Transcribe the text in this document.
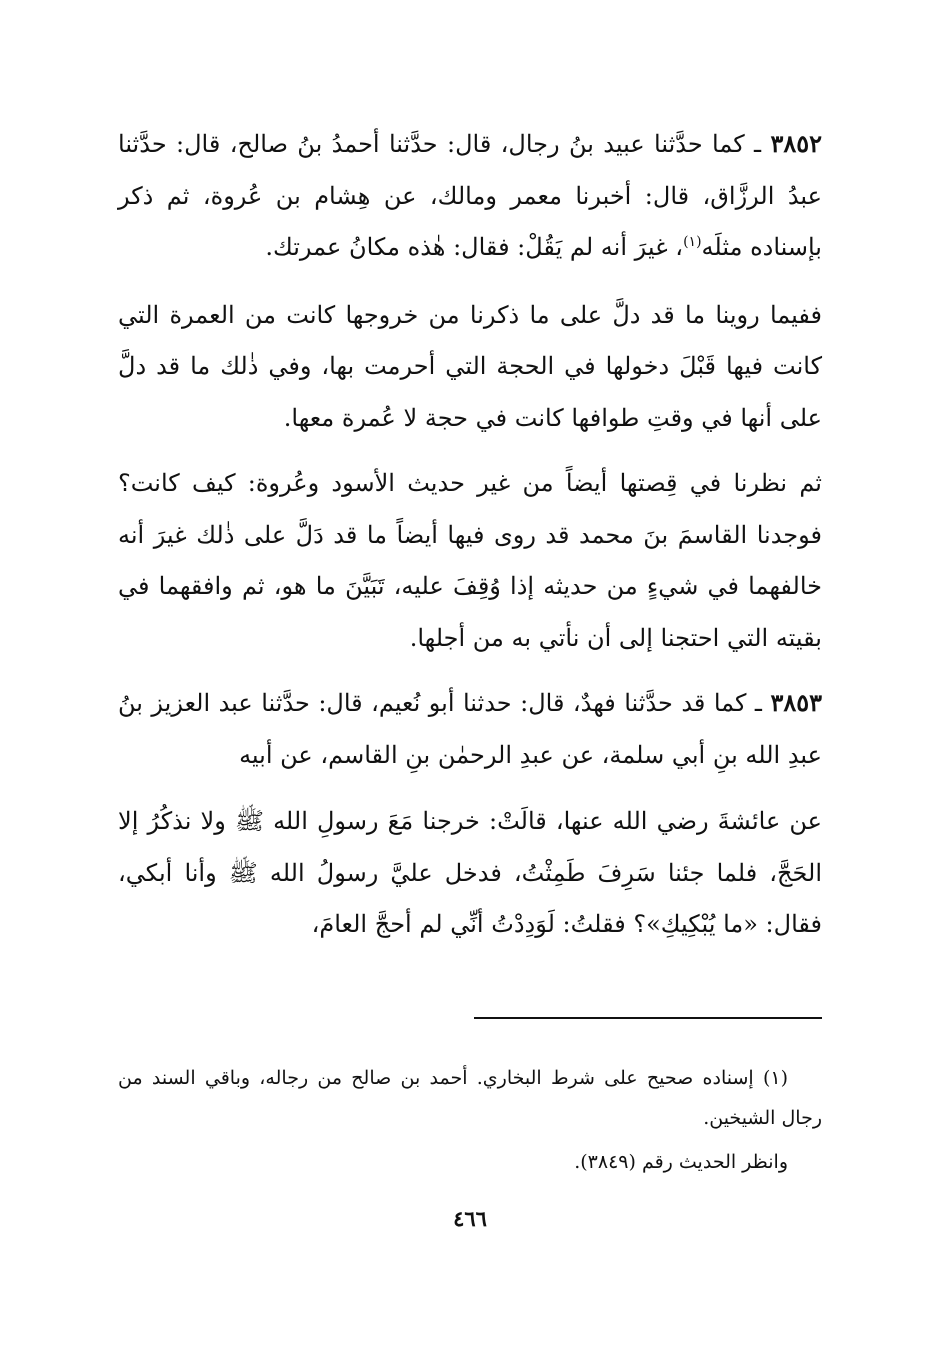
٣٨٥٢ ـ كما حدَّثنا عبيد بنُ رجال، قال: حدَّثنا أحمدُ بنُ صالح، قال: حدَّثنا عبدُ الرزَّاق، قال: أخبرنا معمر ومالك، عن هِشام بن عُروة، ثم ذكر بإسناده مثلَه$^{(١)}$، غيرَ أنه لم يَقُلْ: فقال: هٰذه مكانُ عمرتك.

ففيما روينا ما قد دلَّ على ما ذكرنا من خروجها كانت من العمرة التي كانت فيها قَبْلَ دخولها في الحجة التي أحرمت بها، وفي ذٰلك ما قد دلَّ على أنها في وقتِ طوافها كانت في حجة لا عُمرة معها.

ثم نظرنا في قِصتها أيضاً من غير حديث الأسود وعُروة: كيف كانت؟ فوجدنا القاسمَ بنَ محمد قد روى فيها أيضاً ما قد دَلَّ على ذٰلك غيرَ أنه خالفهما في شيءٍ من حديثه إذا وُقِفَ عليه، تَبَيَّنَ ما هو، ثم وافقهما في بقيته التي احتجنا إلى أن نأتي به من أجلها.

٣٨٥٣ ـ كما قد حدَّثنا فهدٌ، قال: حدثنا أبو نُعيم، قال: حدَّثنا عبد العزيز بنُ عبدِ الله بنِ أبي سلمة، عن عبدِ الرحمٰن بنِ القاسم، عن أبيه

عن عائشةَ رضي الله عنها، قالَتْ: خرجنا مَعَ رسولِ الله ﷺ ولا نذكُرُ إلا الحَجَّ، فلما جئنا سَرِفَ طَمِثْتُ، فدخل عليَّ رسولُ الله ﷺ وأنا أبكي، فقال: «ما يُبْكِيكِ»؟ فقلتُ: لَوَدِدْتُ أنِّي لم أحجَّ العامَ،

(١) إسناده صحيح على شرط البخاري. أحمد بن صالح من رجاله، وباقي السند من رجال الشيخين.

وانظر الحديث رقم (٣٨٤٩).

٤٦٦
